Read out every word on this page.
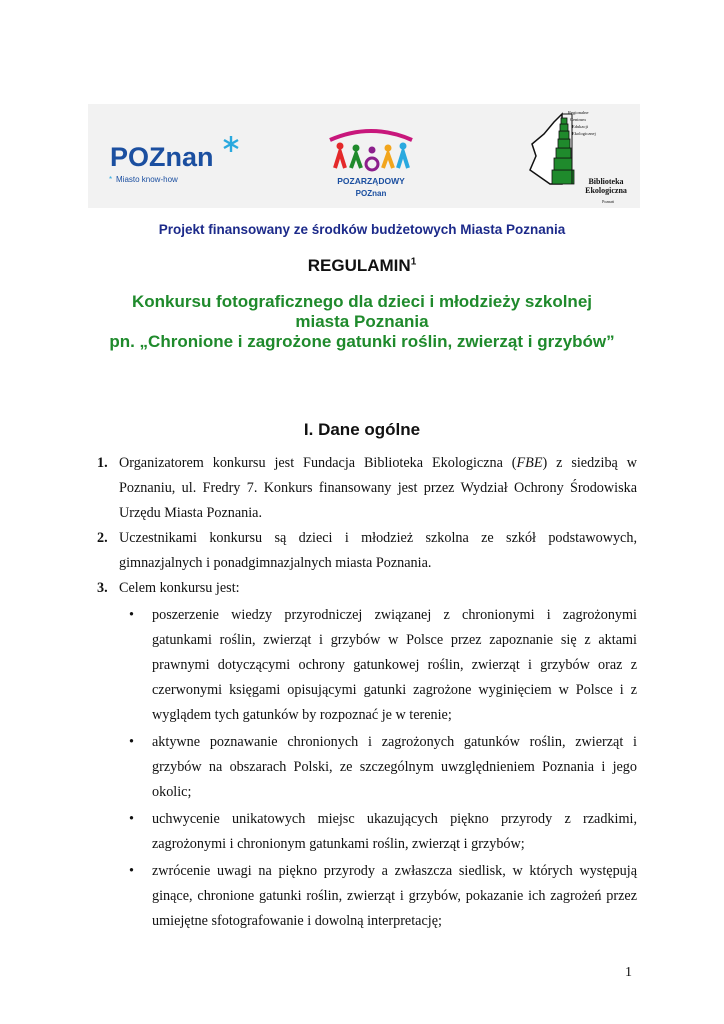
POZnan
Miasto know-how
*	POZARZĄDOWY
POZnan
Regionalne
Centrum
Edukacji
Ekologicznej
Biblioteka
Ekologiczna
Poznań
Projekt finansowany ze środków budżetowych Miasta Poznania
REGULAMIN$^1$
Konkursu fotograficznego dla dzieci i młodzieży szkolnej
miasta Poznania
pn. „Chronione i zagrożone gatunki roślin, zwierząt i grzybów”
I. Dane ogólne
1. Organizatorem konkursu jest Fundacja Biblioteka Ekologiczna (FBE) z siedzibą w Poznaniu, ul. Fredry 7. Konkurs finansowany jest przez Wydział Ochrony Środowiska Urzędu Miasta Poznania.
2. Uczestnikami konkursu są dzieci i młodzież szkolna ze szkół podstawowych, gimnazjalnych i ponadgimnazjalnych miasta Poznania.
3. Celem konkursu jest:
• poszerzenie wiedzy przyrodniczej związanej z chronionymi i zagrożonymi gatunkami roślin, zwierząt i grzybów w Polsce przez zapoznanie się z aktami prawnymi dotyczącymi ochrony gatunkowej roślin, zwierząt i grzybów oraz z czerwonymi księgami opisującymi gatunki zagrożone wyginięciem w Polsce i z wyglądem tych gatunków by rozpoznać je w terenie;
• aktywne poznawanie chronionych i zagrożonych gatunków roślin, zwierząt i grzybów na obszarach Polski, ze szczególnym uwzględnieniem Poznania i jego okolic;
• uchwycenie unikatowych miejsc ukazujących piękno przyrody z rzadkimi, zagrożonymi i chronionym gatunkami roślin, zwierząt i grzybów;
• zwrócenie uwagi na piękno przyrody a zwłaszcza siedlisk, w których występują ginące, chronione gatunki roślin, zwierząt i grzybów, pokazanie ich zagrożeń przez umiejętne sfotografowanie i dowolną interpretację;
1
